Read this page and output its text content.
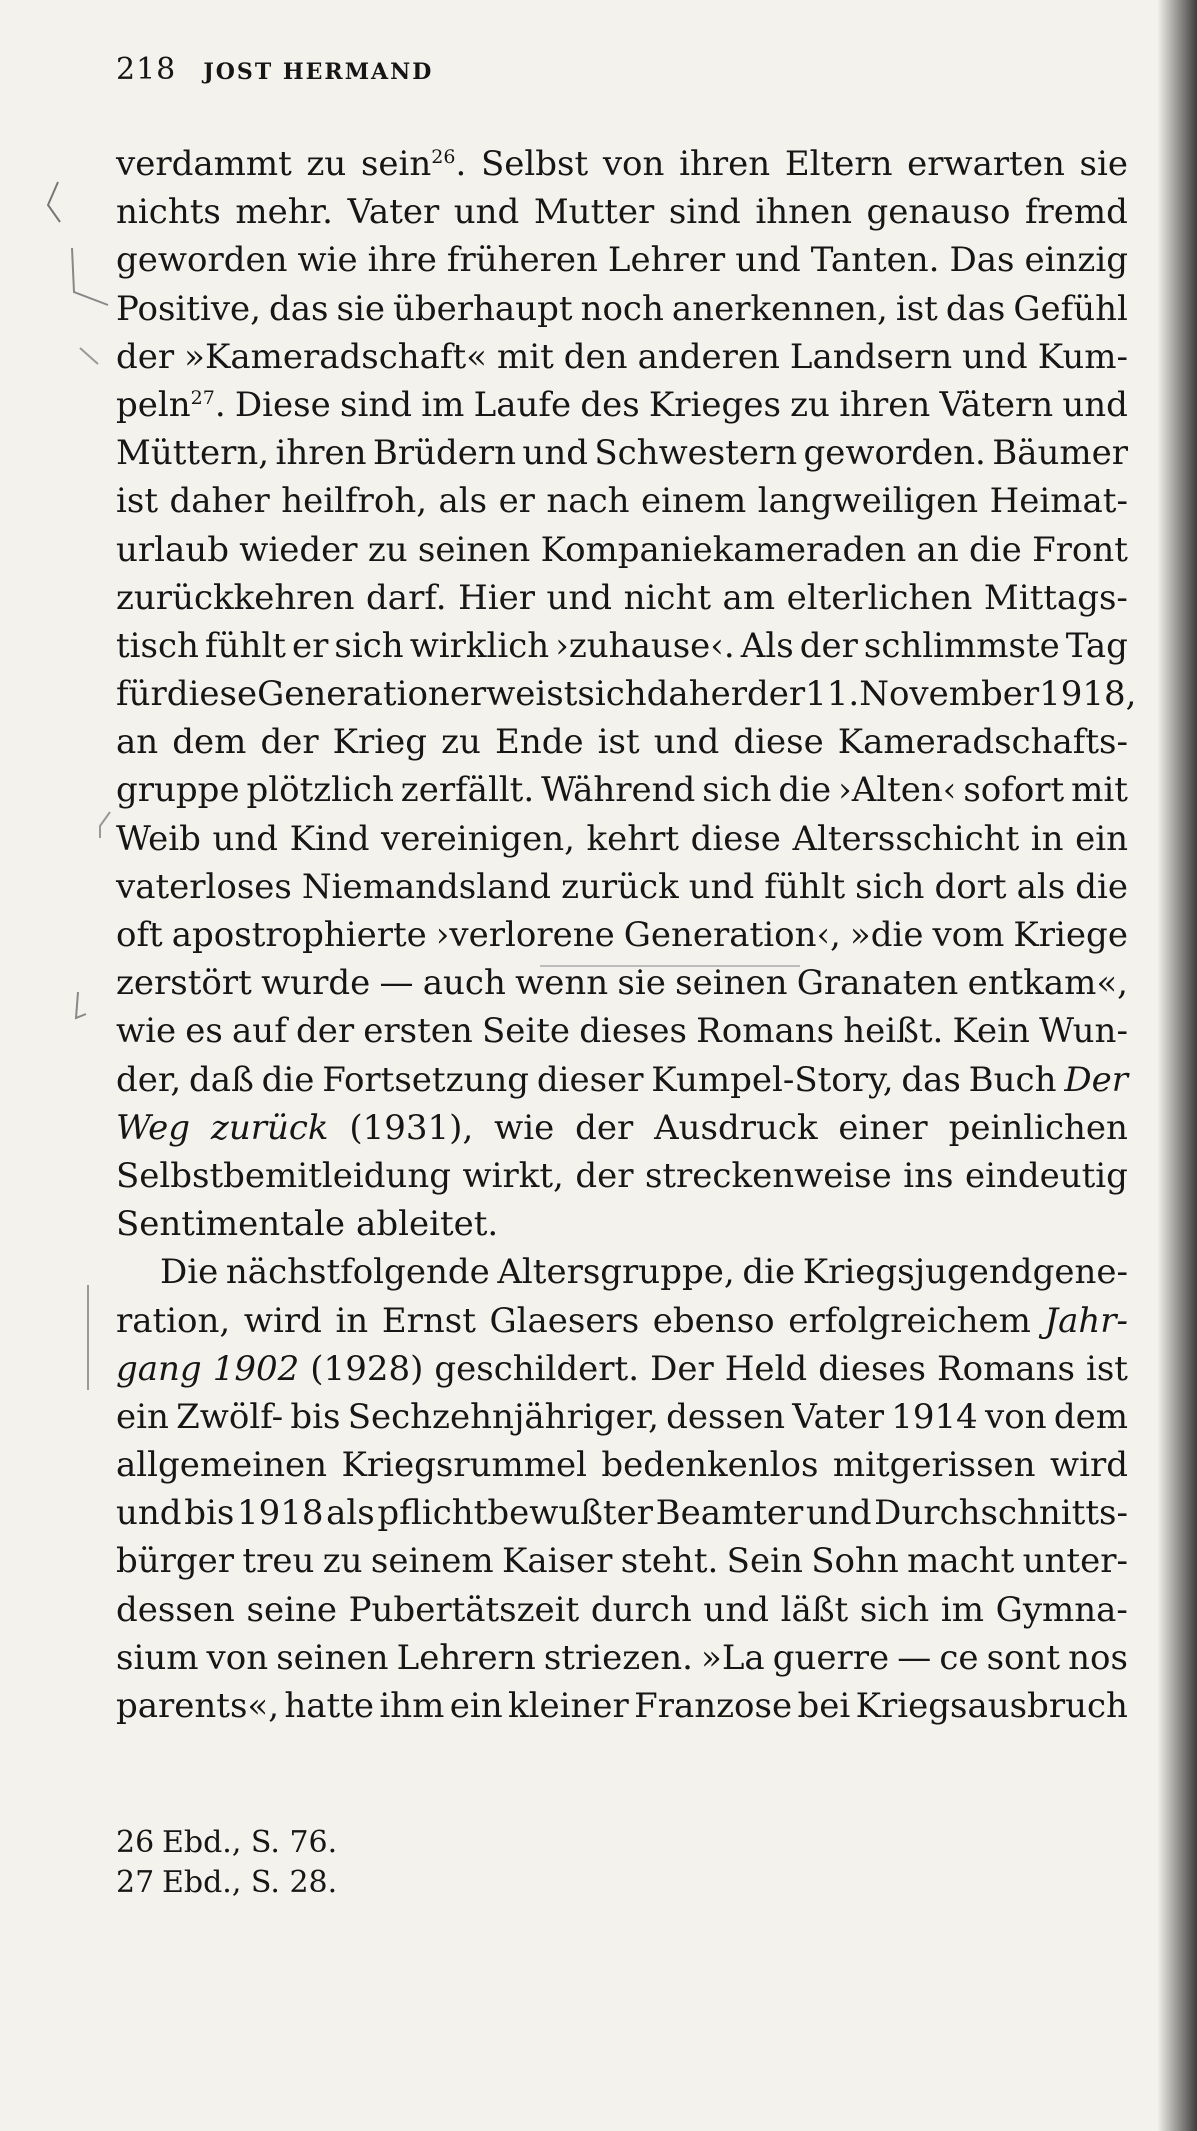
218 JOST HERMAND
verdammt zu sein$^{26}$. Selbst von ihren Eltern erwarten sie
nichts mehr. Vater und Mutter sind ihnen genauso fremd
geworden wie ihre früheren Lehrer und Tanten. Das einzig
Positive, das sie überhaupt noch anerkennen, ist das Gefühl
der »Kameradschaft« mit den anderen Landsern und Kum-
peln$^{27}$. Diese sind im Laufe des Krieges zu ihren Vätern und
Müttern, ihren Brüdern und Schwestern geworden. Bäumer
ist daher heilfroh, als er nach einem langweiligen Heimat-
urlaub wieder zu seinen Kompaniekameraden an die Front
zurückkehren darf. Hier und nicht am elterlichen Mittags-
tisch fühlt er sich wirklich ›zuhause‹. Als der schlimmste Tag
für diese Generation erweist sich daher der 11. November 1918,
an dem der Krieg zu Ende ist und diese Kameradschafts-
gruppe plötzlich zerfällt. Während sich die ›Alten‹ sofort mit
Weib und Kind vereinigen, kehrt diese Altersschicht in ein
vaterloses Niemandsland zurück und fühlt sich dort als die
oft apostrophierte ›verlorene Generation‹, »die vom Kriege
zerstört wurde — auch wenn sie seinen Granaten entkam«,
wie es auf der ersten Seite dieses Romans heißt. Kein Wun-
der, daß die Fortsetzung dieser Kumpel-Story, das Buch Der
Weg zurück (1931), wie der Ausdruck einer peinlichen
Selbstbemitleidung wirkt, der streckenweise ins eindeutig
Sentimentale ableitet.
Die nächstfolgende Altersgruppe, die Kriegsjugendgene-
ration, wird in Ernst Glaesers ebenso erfolgreichem Jahr-
gang 1902 (1928) geschildert. Der Held dieses Romans ist
ein Zwölf- bis Sechzehnjähriger, dessen Vater 1914 von dem
allgemeinen Kriegsrummel bedenkenlos mitgerissen wird
und bis 1918 als pflichtbewußter Beamter und Durchschnitts-
bürger treu zu seinem Kaiser steht. Sein Sohn macht unter-
dessen seine Pubertätszeit durch und läßt sich im Gymna-
sium von seinen Lehrern striezen. »La guerre — ce sont nos
parents«, hatte ihm ein kleiner Franzose bei Kriegsausbruch
26 Ebd., S. 76.
27 Ebd., S. 28.
